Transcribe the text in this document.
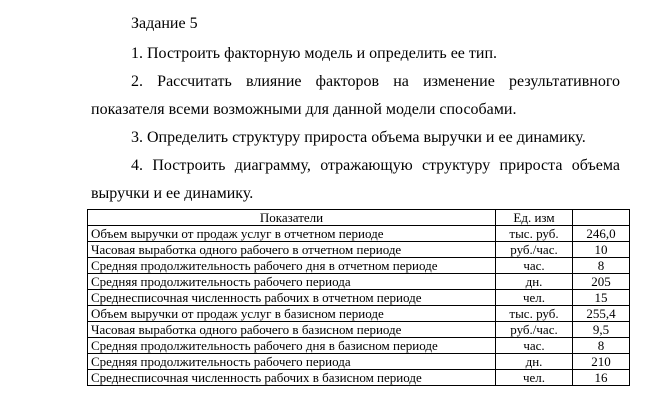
Задание 5
1. Построить факторную модель и определить ее тип.
2. Рассчитать влияние факторов на изменение результативного показателя всеми возможными для данной модели способами.
3. Определить структуру прироста объема выручки и ее динамику.
4. Построить диаграмму, отражающую структуру прироста объема выручки и ее динамику.
Показатели	Ед. изм	
Объем выручки от продаж услуг в отчетном периоде	тыс. руб.	246,0
Часовая выработка одного рабочего в отчетном периоде	руб./час.	10
Средняя продолжительность рабочего дня в отчетном периоде	час.	8
Средняя продолжительность рабочего периода	дн.	205
Среднесписочная численность рабочих в отчетном периоде	чел.	15
Объем выручки от продаж услуг в базисном периоде	тыс. руб.	255,4
Часовая выработка одного рабочего в базисном периоде	руб./час.	9,5
Средняя продолжительность рабочего дня в базисном периоде	час.	8
Средняя продолжительность рабочего периода	дн.	210
Среднесписочная численность рабочих в базисном периоде	чел.	16
